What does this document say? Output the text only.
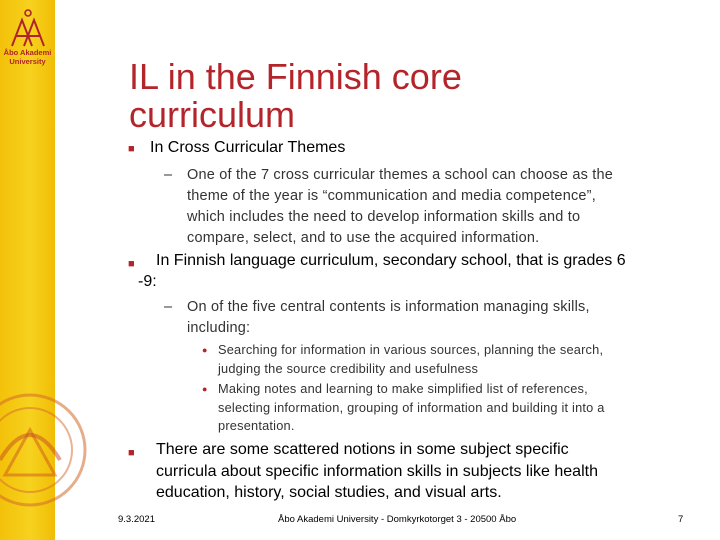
Åbo Akademi
University IL in the Finnish core
curriculum
■ In Cross Curricular Themes
– One of the 7 cross curricular themes a school can choose as the
theme of the year is “communication and media competence”,
which includes the need to develop information skills and to
compare, select, and to use the acquired information.
■	In Finnish language curriculum, secondary school, that is grades 6
-9:
– On of the five central contents is information managing skills,
including:
● Searching for information in various sources, planning the search,
judging the source credibility and usefulness
● Making notes and learning to make simplified list of references,
selecting information, grouping of information and building it into a
presentation.
■	There are some scattered notions in some subject specific
curricula about specific information skills in subjects like health
education, history, social studies, and visual arts.
9.3.2021	Åbo Akademi University - Domkyrkotorget 3 - 20500 Åbo	7
